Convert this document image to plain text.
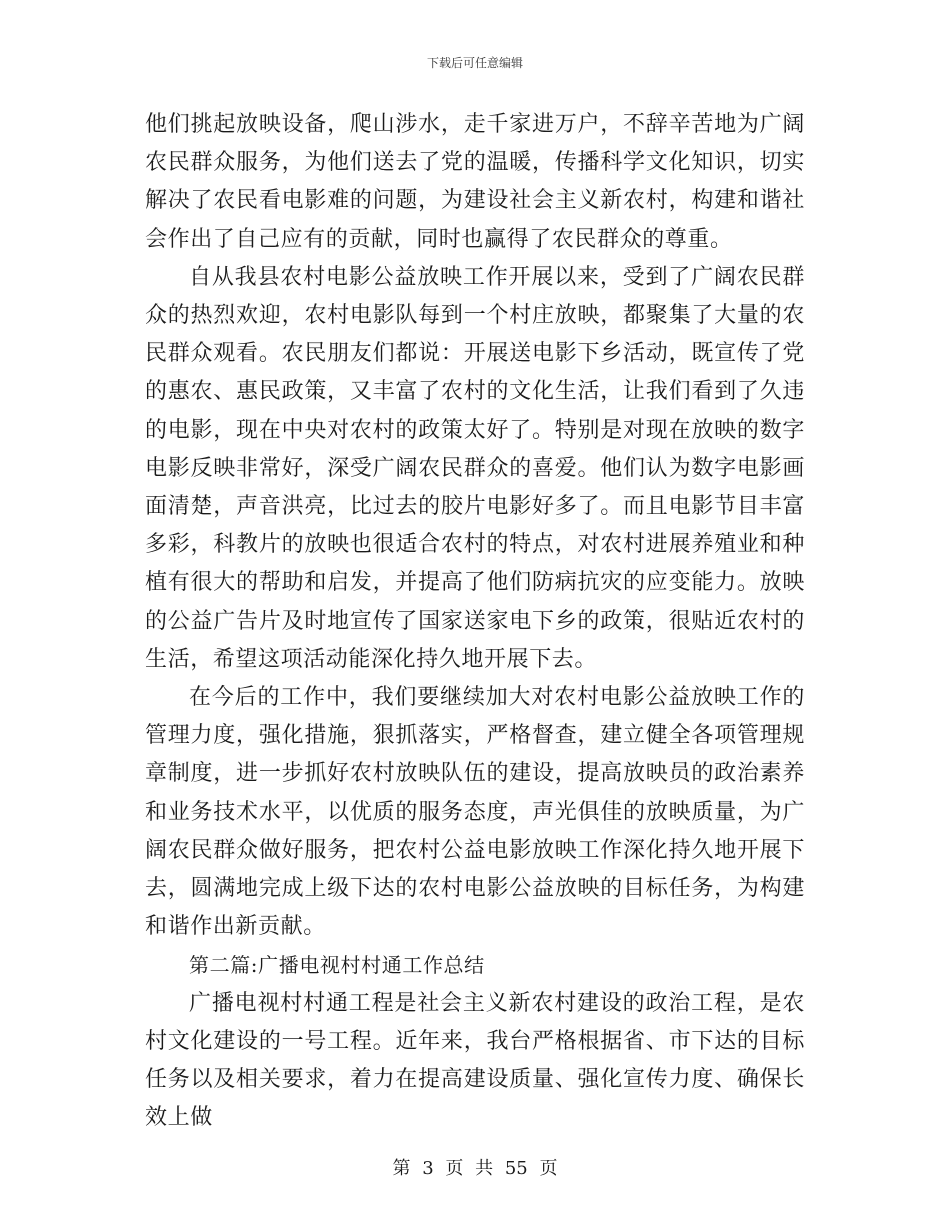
下载后可任意编辑

他们挑起放映设备，爬山涉水，走千家进万户，不辞辛苦地为广阔农民群众服务，为他们送去了党的温暖，传播科学文化知识，切实解决了农民看电影难的问题，为建设社会主义新农村，构建和谐社会作出了自己应有的贡献，同时也赢得了农民群众的尊重。

自从我县农村电影公益放映工作开展以来，受到了广阔农民群众的热烈欢迎，农村电影队每到一个村庄放映，都聚集了大量的农民群众观看。农民朋友们都说：开展送电影下乡活动，既宣传了党的惠农、惠民政策，又丰富了农村的文化生活，让我们看到了久违的电影，现在中央对农村的政策太好了。特别是对现在放映的数字电影反映非常好，深受广阔农民群众的喜爱。他们认为数字电影画面清楚，声音洪亮，比过去的胶片电影好多了。而且电影节目丰富多彩，科教片的放映也很适合农村的特点，对农村进展养殖业和种植有很大的帮助和启发，并提高了他们防病抗灾的应变能力。放映的公益广告片及时地宣传了国家送家电下乡的政策，很贴近农村的生活，希望这项活动能深化持久地开展下去。

在今后的工作中，我们要继续加大对农村电影公益放映工作的管理力度，强化措施，狠抓落实，严格督查，建立健全各项管理规章制度，进一步抓好农村放映队伍的建设，提高放映员的政治素养和业务技术水平，以优质的服务态度，声光俱佳的放映质量，为广阔农民群众做好服务，把农村公益电影放映工作深化持久地开展下去，圆满地完成上级下达的农村电影公益放映的目标任务，为构建和谐作出新贡献。

第二篇:广播电视村村通工作总结

广播电视村村通工程是社会主义新农村建设的政治工程，是农村文化建设的一号工程。近年来，我台严格根据省、市下达的目标任务以及相关要求，着力在提高建设质量、强化宣传力度、确保长效上做

第 3 页 共 55 页
